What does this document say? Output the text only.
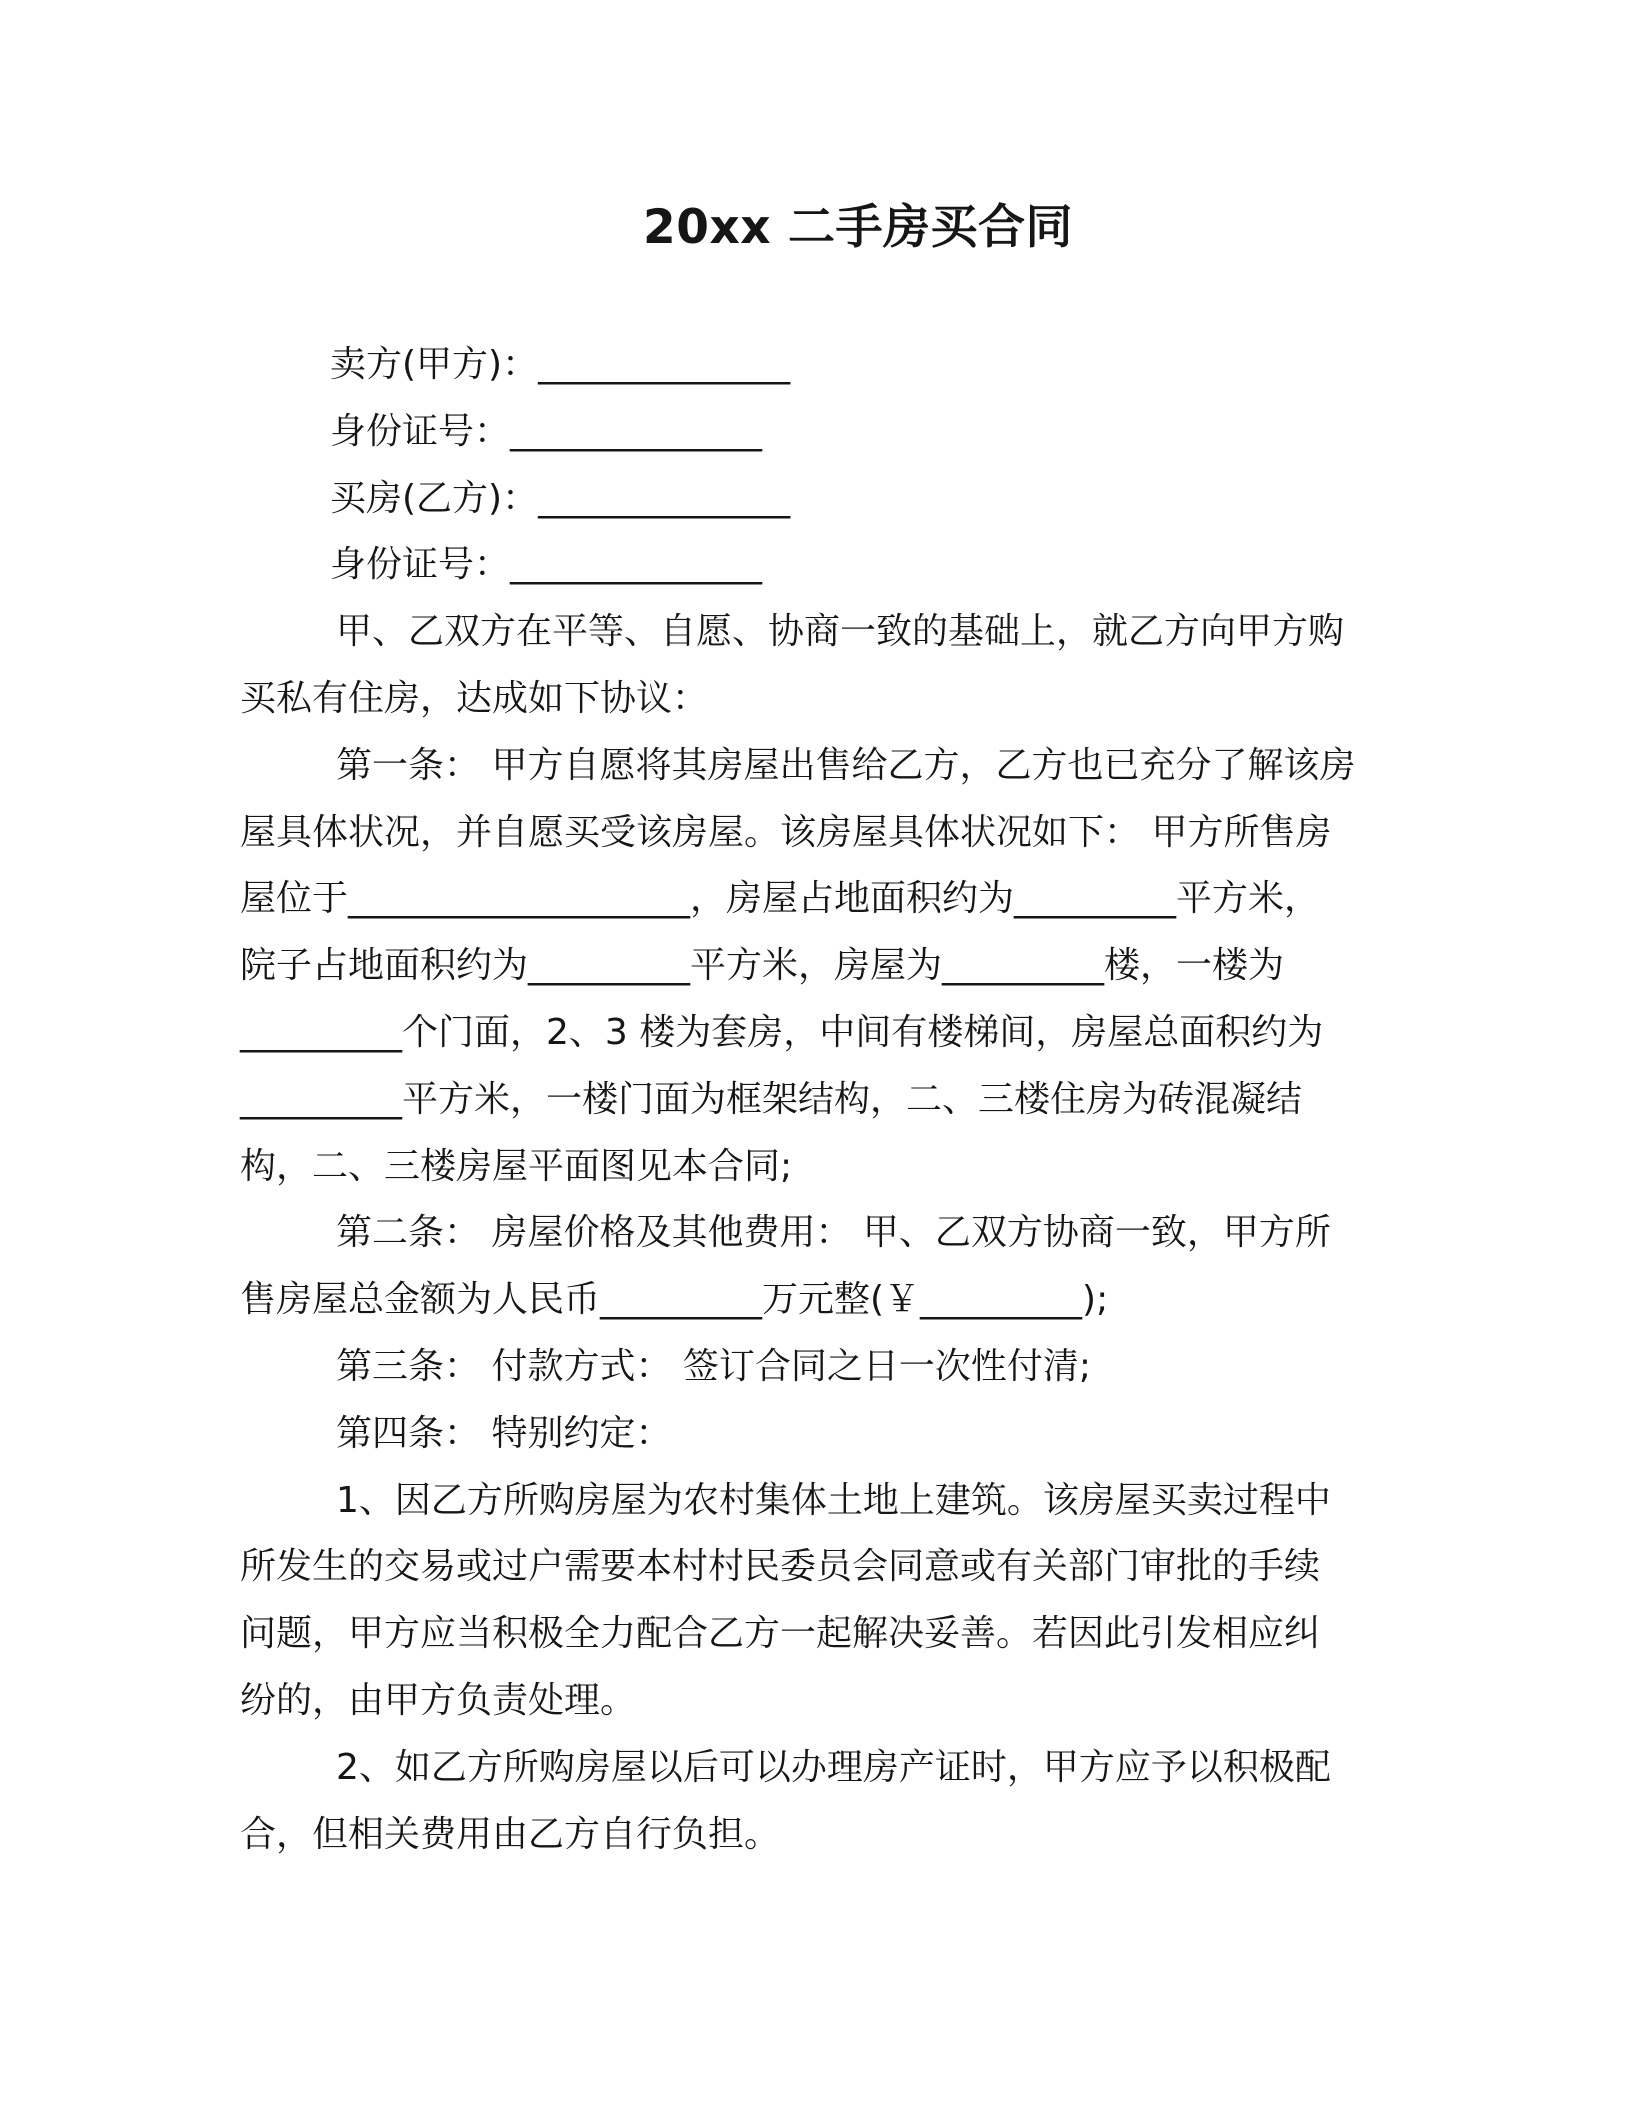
20xx 二手房买合同
卖方(甲方)：______________
身份证号：______________
买房(乙方)：______________
身份证号：______________
甲、乙双方在平等、自愿、协商一致的基础上，就乙方向甲方购
买私有住房，达成如下协议：
第一条： 甲方自愿将其房屋出售给乙方，乙方也已充分了解该房
屋具体状况，并自愿买受该房屋。该房屋具体状况如下： 甲方所售房
屋位于___________________，房屋占地面积约为_________平方米，
院子占地面积约为_________平方米，房屋为_________楼，一楼为
_________个门面，2、3 楼为套房，中间有楼梯间，房屋总面积约为
_________平方米，一楼门面为框架结构，二、三楼住房为砖混凝结
构，二、三楼房屋平面图见本合同;
第二条： 房屋价格及其他费用： 甲、乙双方协商一致，甲方所
售房屋总金额为人民币_________万元整(￥_________);
第三条： 付款方式： 签订合同之日一次性付清;
第四条： 特别约定：
1、因乙方所购房屋为农村集体土地上建筑。该房屋买卖过程中
所发生的交易或过户需要本村村民委员会同意或有关部门审批的手续
问题，甲方应当积极全力配合乙方一起解决妥善。若因此引发相应纠
纷的，由甲方负责处理。
2、如乙方所购房屋以后可以办理房产证时，甲方应予以积极配
合，但相关费用由乙方自行负担。
